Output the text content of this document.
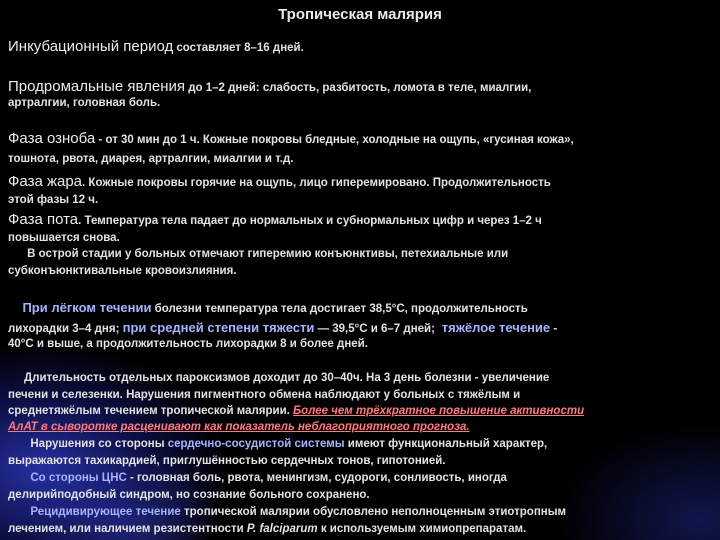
Тропическая малярия
Инкубационный период составляет 8–16 дней.
Продромальные явления до 1–2 дней: слабость, разбитость, ломота в теле, миалгии,
артралгии, головная боль.
Фаза озноба - от 30 мин до 1 ч. Кожные покровы бледные, холодные на ощупь, «гусиная кожа»,
тошнота, рвота, диарея, артралгии, миалгии и т.д.
Фаза жара. Кожные покровы горячие на ощупь, лицо гиперемировано. Продолжительность
этой фазы 12 ч.
Фаза пота. Температура тела падает до нормальных и субнормальных цифр и через 1–2 ч
повышается снова.
В острой стадии у больных отмечают гиперемию конъюнктивы, петехиальные или
субконъюнктивальные кровоизлияния.
При лёгком течении болезни температура тела достигает 38,5°С, продолжительность
лихорадки 3–4 дня; при средней степени тяжести — 39,5°С и 6–7 дней;  тяжёлое течение -
40°С и выше, а продолжительность лихорадки 8 и более дней.
Длительность отдельных пароксизмов доходит до 30–40ч. На 3 день болезни - увеличение
печени и селезенки. Нарушения пигментного обмена наблюдают у больных с тяжёлым и
среднетяжёлым течением тропической малярии. Более чем трёхкратное повышение активности
АлАТ в сыворотке расценивают как показатель неблагоприятного прогноза.
Нарушения со стороны сердечно-сосудистой системы имеют функциональный характер,
выражаются тахикардией, приглушённостью сердечных тонов, гипотонией.
Со стороны ЦНС - головная боль, рвота, менингизм, судороги, сонливость, иногда
делирийподобный синдром, но сознание больного сохранено.
Рецидивирующее течение тропической малярии обусловлено неполноценным этиотропным
лечением, или наличием резистентности P. falciparum к используемым химиопрепаратам.
